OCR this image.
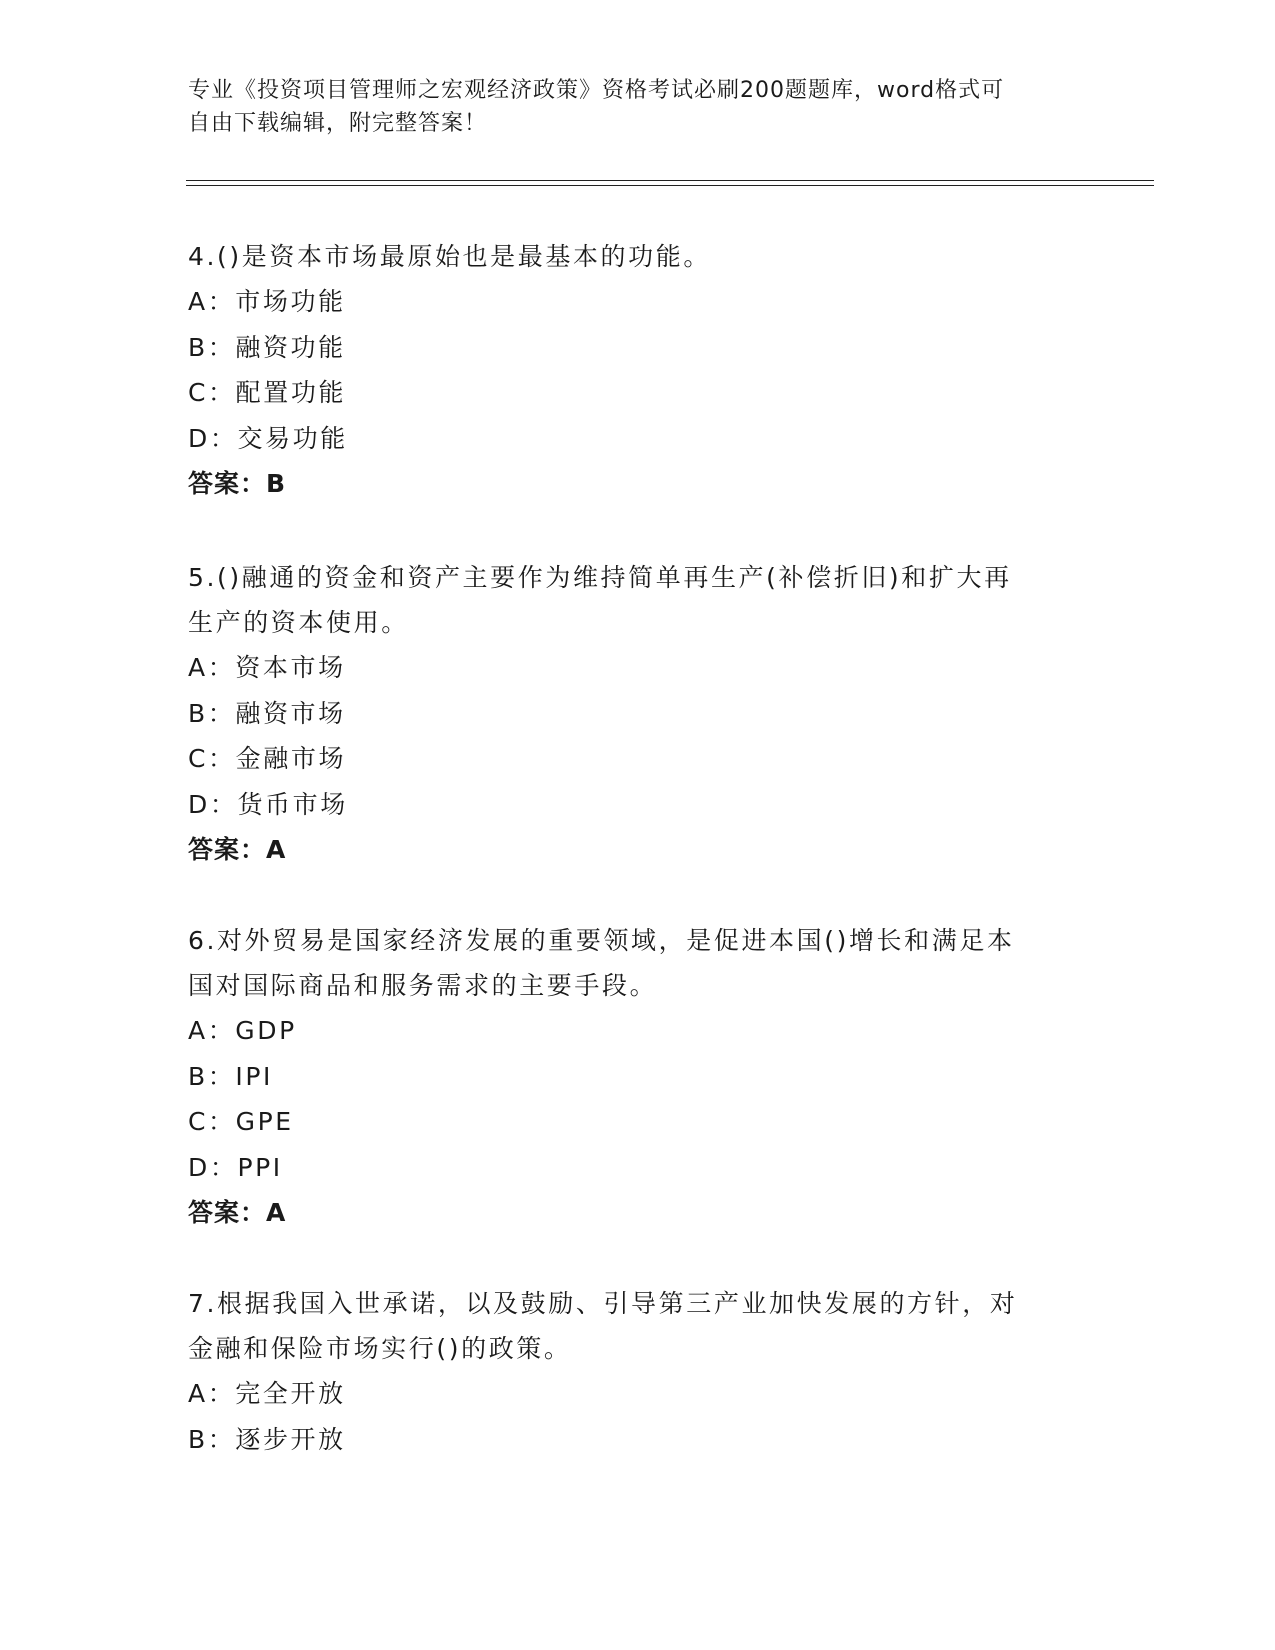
专业《投资项目管理师之宏观经济政策》资格考试必刷200题题库，word格式可
自由下载编辑，附完整答案！
4.()是资本市场最原始也是最基本的功能。
A：市场功能
B：融资功能
C：配置功能
D：交易功能
答案：B
5.()融通的资金和资产主要作为维持简单再生产(补偿折旧)和扩大再
生产的资本使用。
A：资本市场
B：融资市场
C：金融市场
D：货币市场
答案：A
6.对外贸易是国家经济发展的重要领域，是促进本国()增长和满足本
国对国际商品和服务需求的主要手段。
A：GDP
B：IPI
C：GPE
D：PPI
答案：A
7.根据我国入世承诺，以及鼓励、引导第三产业加快发展的方针，对
金融和保险市场实行()的政策。
A：完全开放
B：逐步开放
